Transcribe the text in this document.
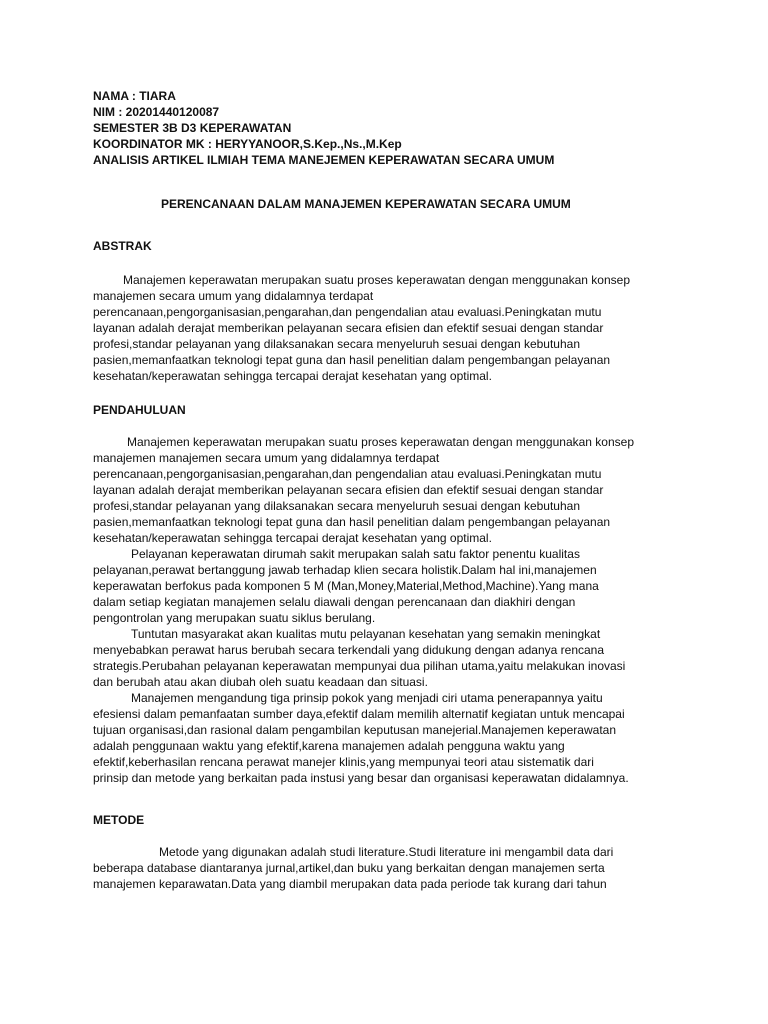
NAMA : TIARA
NIM : 20201440120087
SEMESTER 3B D3 KEPERAWATAN
KOORDINATOR MK : HERYYANOOR,S.Kep.,Ns.,M.Kep
ANALISIS ARTIKEL ILMIAH TEMA MANEJEMEN KEPERAWATAN SECARA UMUM
PERENCANAAN DALAM MANAJEMEN KEPERAWATAN SECARA UMUM
ABSTRAK
Manajemen keperawatan merupakan suatu proses keperawatan dengan menggunakan konsep
manajemen secara umum yang didalamnya terdapat
perencanaan,pengorganisasian,pengarahan,dan pengendalian atau evaluasi.Peningkatan mutu
layanan adalah derajat memberikan pelayanan secara efisien dan efektif sesuai dengan standar
profesi,standar pelayanan yang dilaksanakan secara menyeluruh sesuai dengan kebutuhan
pasien,memanfaatkan teknologi tepat guna dan hasil penelitian dalam pengembangan pelayanan
kesehatan/keperawatan sehingga tercapai derajat kesehatan yang optimal.
PENDAHULUAN
Manajemen keperawatan merupakan suatu proses keperawatan dengan menggunakan konsep
manajemen manajemen secara umum yang didalamnya terdapat
perencanaan,pengorganisasian,pengarahan,dan pengendalian atau evaluasi.Peningkatan mutu
layanan adalah derajat memberikan pelayanan secara efisien dan efektif sesuai dengan standar
profesi,standar pelayanan yang dilaksanakan secara menyeluruh sesuai dengan kebutuhan
pasien,memanfaatkan teknologi tepat guna dan hasil penelitian dalam pengembangan pelayanan
kesehatan/keperawatan sehingga tercapai derajat kesehatan yang optimal.
Pelayanan keperawatan dirumah sakit merupakan salah satu faktor penentu kualitas
pelayanan,perawat bertanggung jawab terhadap klien secara holistik.Dalam hal ini,manajemen
keperawatan berfokus pada komponen 5 M (Man,Money,Material,Method,Machine).Yang mana
dalam setiap kegiatan manajemen selalu diawali dengan perencanaan dan diakhiri dengan
pengontrolan yang merupakan suatu siklus berulang.
Tuntutan masyarakat akan kualitas mutu pelayanan kesehatan yang semakin meningkat
menyebabkan perawat harus berubah secara terkendali yang didukung dengan adanya rencana
strategis.Perubahan pelayanan keperawatan mempunyai dua pilihan utama,yaitu melakukan inovasi
dan berubah atau akan diubah oleh suatu keadaan dan situasi.
Manajemen mengandung tiga prinsip pokok yang menjadi ciri utama penerapannya yaitu
efesiensi dalam pemanfaatan sumber daya,efektif dalam memilih alternatif kegiatan untuk mencapai
tujuan organisasi,dan rasional dalam pengambilan keputusan manejerial.Manajemen keperawatan
adalah penggunaan waktu yang efektif,karena manajemen adalah pengguna waktu yang
efektif,keberhasilan rencana perawat manejer klinis,yang mempunyai teori atau sistematik dari
prinsip dan metode yang berkaitan pada instusi yang besar dan organisasi keperawatan didalamnya.
METODE
Metode yang digunakan adalah studi literature.Studi literature ini mengambil data dari
beberapa database diantaranya jurnal,artikel,dan buku yang berkaitan dengan manajemen serta
manajemen keparawatan.Data yang diambil merupakan data pada periode tak kurang dari tahun
